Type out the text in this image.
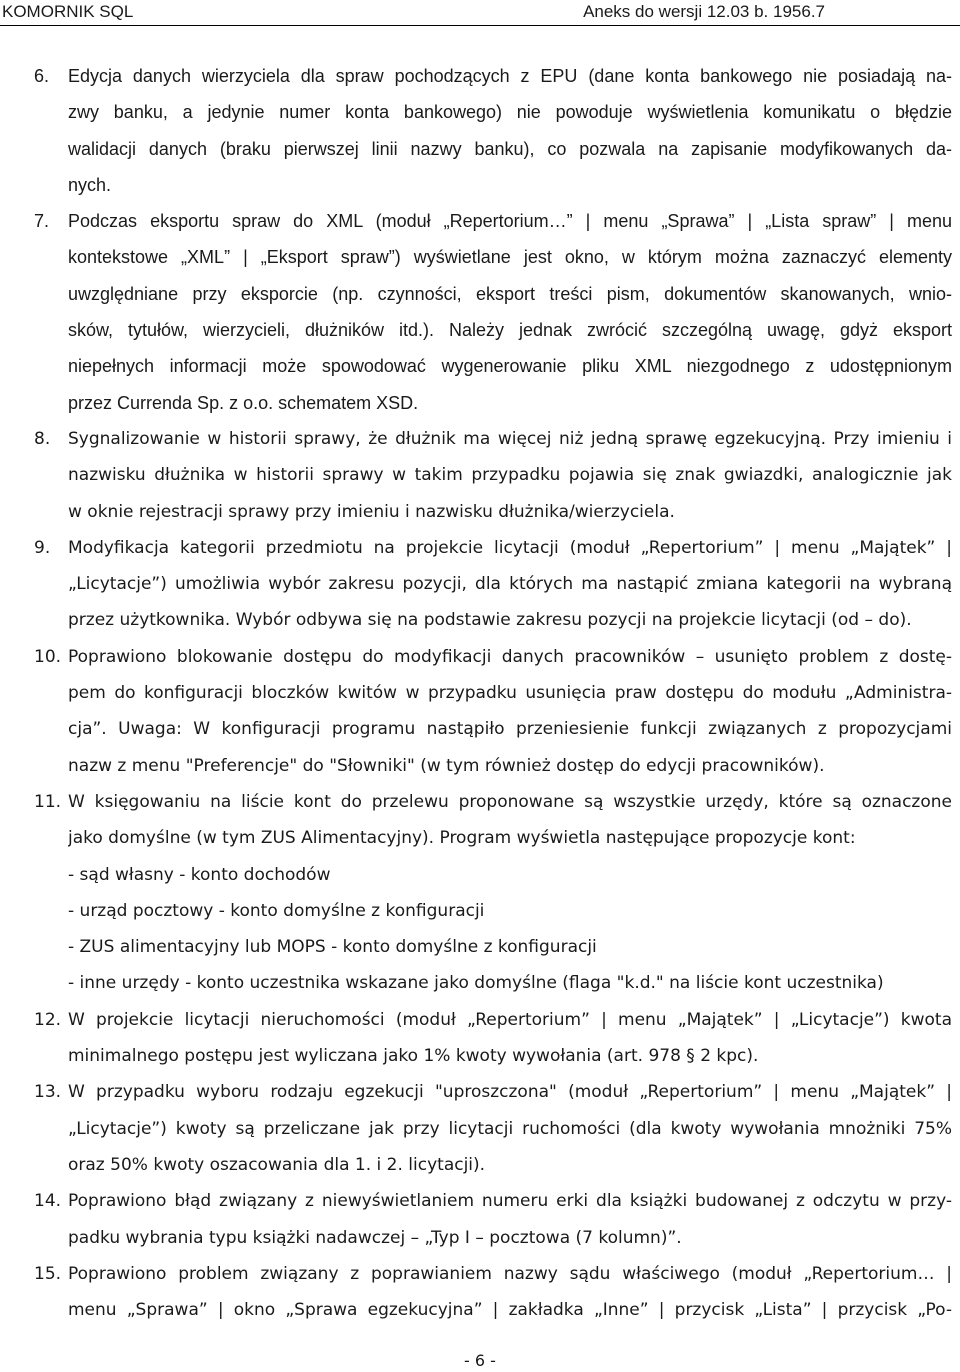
KOMORNIK SQL	Aneks do wersji 12.03 b. 1956.7
6. Edycja danych wierzyciela dla spraw pochodzących z EPU (dane konta bankowego nie posiadają na-
zwy banku, a jedynie numer konta bankowego) nie powoduje wyświetlenia komunikatu o błędzie
walidacji danych (braku pierwszej linii nazwy banku), co pozwala na zapisanie modyfikowanych da-
nych.
7. Podczas eksportu spraw do XML (moduł „Repertorium…” | menu „Sprawa” | „Lista spraw” | menu
kontekstowe „XML” | „Eksport spraw”) wyświetlane jest okno, w którym można zaznaczyć elementy
uwzględniane przy eksporcie (np. czynności, eksport treści pism, dokumentów skanowanych, wnio-
sków, tytułów, wierzycieli, dłużników itd.). Należy jednak zwrócić szczególną uwagę, gdyż eksport
niepełnych informacji może spowodować wygenerowanie pliku XML niezgodnego z udostępnionym
przez Currenda Sp. z o.o. schematem XSD.
8. Sygnalizowanie w historii sprawy, że dłużnik ma więcej niż jedną sprawę egzekucyjną. Przy imieniu i
nazwisku dłużnika w historii sprawy w takim przypadku pojawia się znak gwiazdki, analogicznie jak
w oknie rejestracji sprawy przy imieniu i nazwisku dłużnika/wierzyciela.
9. Modyfikacja kategorii przedmiotu na projekcie licytacji (moduł „Repertorium” | menu „Majątek” |
„Licytacje”) umożliwia wybór zakresu pozycji, dla których ma nastąpić zmiana kategorii na wybraną
przez użytkownika. Wybór odbywa się na podstawie zakresu pozycji na projekcie licytacji (od – do).
10. Poprawiono blokowanie dostępu do modyfikacji danych pracowników – usunięto problem z dostę-
pem do konfiguracji bloczków kwitów w przypadku usunięcia praw dostępu do modułu „Administra-
cja”. Uwaga: W konfiguracji programu nastąpiło przeniesienie funkcji związanych z propozycjami
nazw z menu "Preferencje" do "Słowniki" (w tym również dostęp do edycji pracowników).
11. W księgowaniu na liście kont do przelewu proponowane są wszystkie urzędy, które są oznaczone
jako domyślne (w tym ZUS Alimentacyjny). Program wyświetla następujące propozycje kont:
- sąd własny - konto dochodów
- urząd pocztowy - konto domyślne z konfiguracji
- ZUS alimentacyjny lub MOPS - konto domyślne z konfiguracji
- inne urzędy - konto uczestnika wskazane jako domyślne (flaga "k.d." na liście kont uczestnika)
12. W projekcie licytacji nieruchomości (moduł „Repertorium” | menu „Majątek” | „Licytacje”) kwota
minimalnego postępu jest wyliczana jako 1% kwoty wywołania (art. 978 § 2 kpc).
13. W przypadku wyboru rodzaju egzekucji "uproszczona" (moduł „Repertorium” | menu „Majątek” |
„Licytacje”) kwoty są przeliczane jak przy licytacji ruchomości (dla kwoty wywołania mnożniki 75%
oraz 50% kwoty oszacowania dla 1. i 2. licytacji).
14. Poprawiono błąd związany z niewyświetlaniem numeru erki dla książki budowanej z odczytu w przy-
padku wybrania typu książki nadawczej – „Typ I – pocztowa (7 kolumn)”.
15. Poprawiono problem związany z poprawianiem nazwy sądu właściwego (moduł „Repertorium… |
menu „Sprawa” | okno „Sprawa egzekucyjna” | zakładka „Inne” | przycisk „Lista” | przycisk „Po-
- 6 -
